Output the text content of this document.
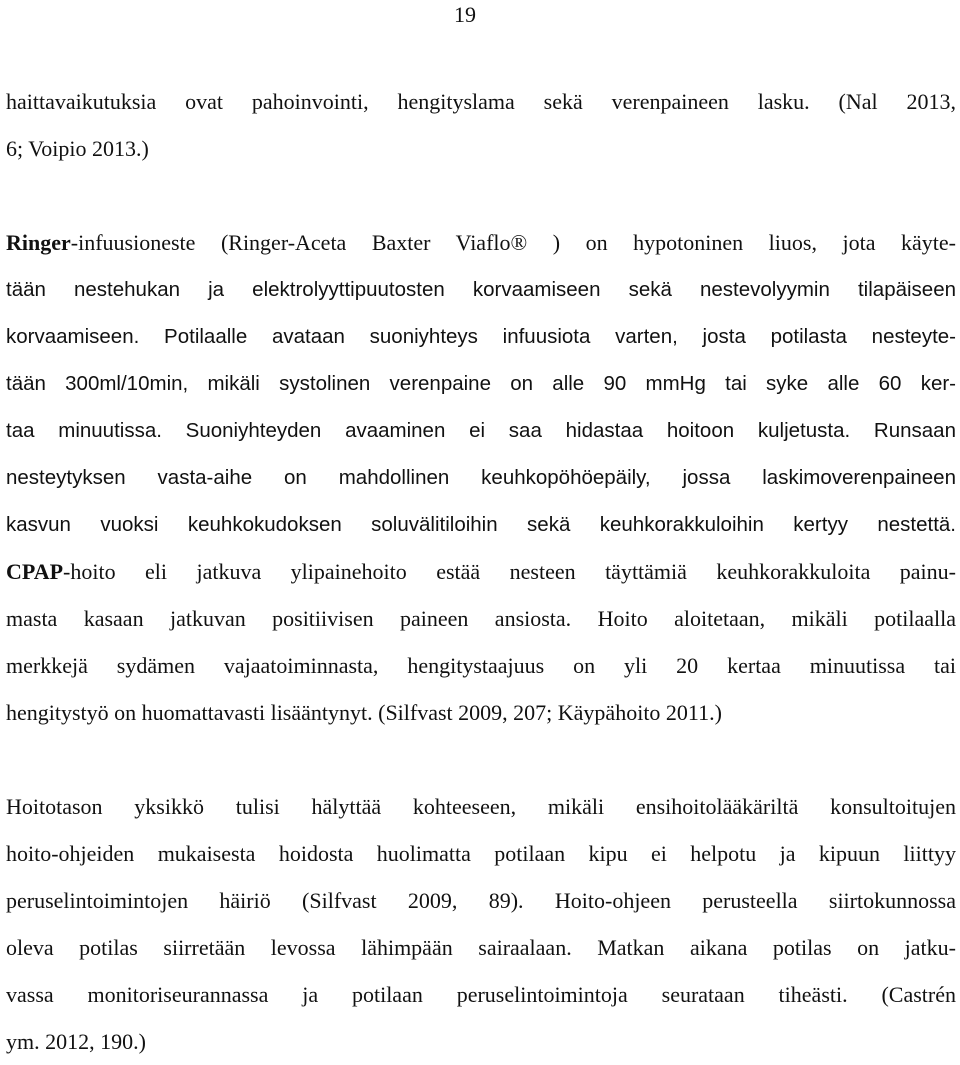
19

haittavaikutuksia ovat pahoinvointi, hengityslama sekä verenpaineen lasku. (Nal 2013,
6; Voipio 2013.)

Ringer-infuusioneste (Ringer-Aceta Baxter Viaflo® ) on hypotoninen liuos, jota käyte-
tään nestehukan ja elektrolyyttipuutosten korvaamiseen sekä nestevolyymin tilapäiseen
korvaamiseen. Potilaalle avataan suoniyhteys infuusiota varten, josta potilasta nesteyte-
tään 300ml/10min, mikäli systolinen verenpaine on alle 90 mmHg tai syke alle 60 ker-
taa minuutissa. Suoniyhteyden avaaminen ei saa hidastaa hoitoon kuljetusta. Runsaan
nesteytyksen vasta-aihe on mahdollinen keuhkopöhöepäily, jossa laskimoverenpaineen
kasvun vuoksi keuhkokudoksen soluvälitiloihin sekä keuhkorakkuloihin kertyy nestettä.
CPAP-hoito eli jatkuva ylipainehoito estää nesteen täyttämiä keuhkorakkuloita painu-
masta kasaan jatkuvan positiivisen paineen ansiosta. Hoito aloitetaan, mikäli potilaalla
merkkejä sydämen vajaatoiminnasta, hengitystaajuus on yli 20 kertaa minuutissa tai
hengitystyö on huomattavasti lisääntynyt. (Silfvast 2009, 207; Käypähoito 2011.)

Hoitotason yksikkö tulisi hälyttää kohteeseen, mikäli ensihoitolääkäriltä konsultoitujen
hoito-ohjeiden mukaisesta hoidosta huolimatta potilaan kipu ei helpotu ja kipuun liittyy
peruselintoimintojen häiriö (Silfvast 2009, 89). Hoito-ohjeen perusteella siirtokunnossa
oleva potilas siirretään levossa lähimpään sairaalaan. Matkan aikana potilas on jatku-
vassa monitoriseurannassa ja potilaan peruselintoimintoja seurataan tiheästi. (Castrén
ym. 2012, 190.)
